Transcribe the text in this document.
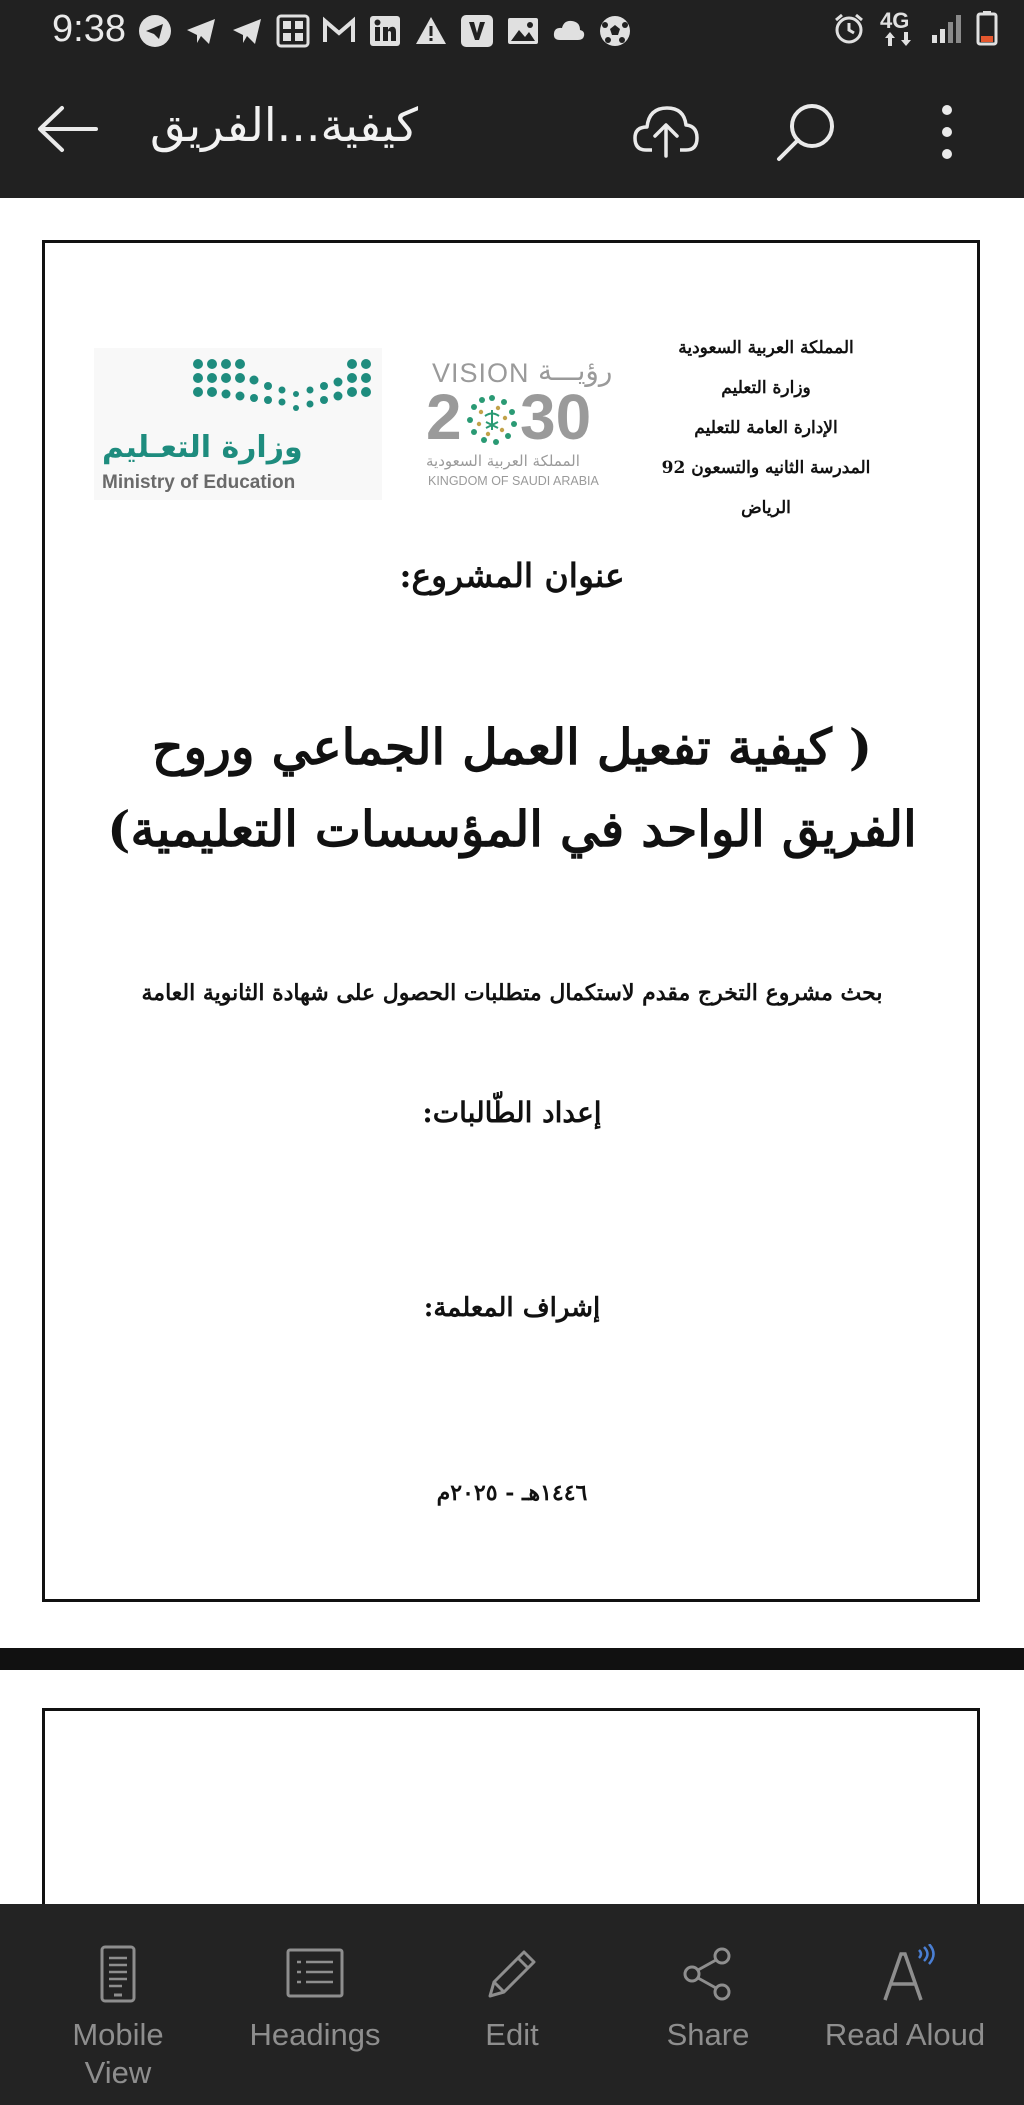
9:38	4G
كيفية...الفريق
المملكة العربية السعودية
وزارة التعليم
الإدارة العامة للتعليم
المدرسة الثانيه والتسعون 92
الرياض
VISION رؤيـــة
2 30
المملكة العربية السعودية
KINGDOM OF SAUDI ARABIA
وزارة التعـليم
Ministry of Education
عنوان المشروع:
( كيفية تفعيل العمل الجماعي وروح
الفريق الواحد في المؤسسات التعليمية)
بحث مشروع التخرج مقدم لاستكمال متطلبات الحصول على شهادة الثانوية العامة
إعداد الطّالبات:
إشراف المعلمة:
١٤٤٦هـ - ٢٠٢٥م
Mobile View
Headings	Edit	Share	Read Aloud
